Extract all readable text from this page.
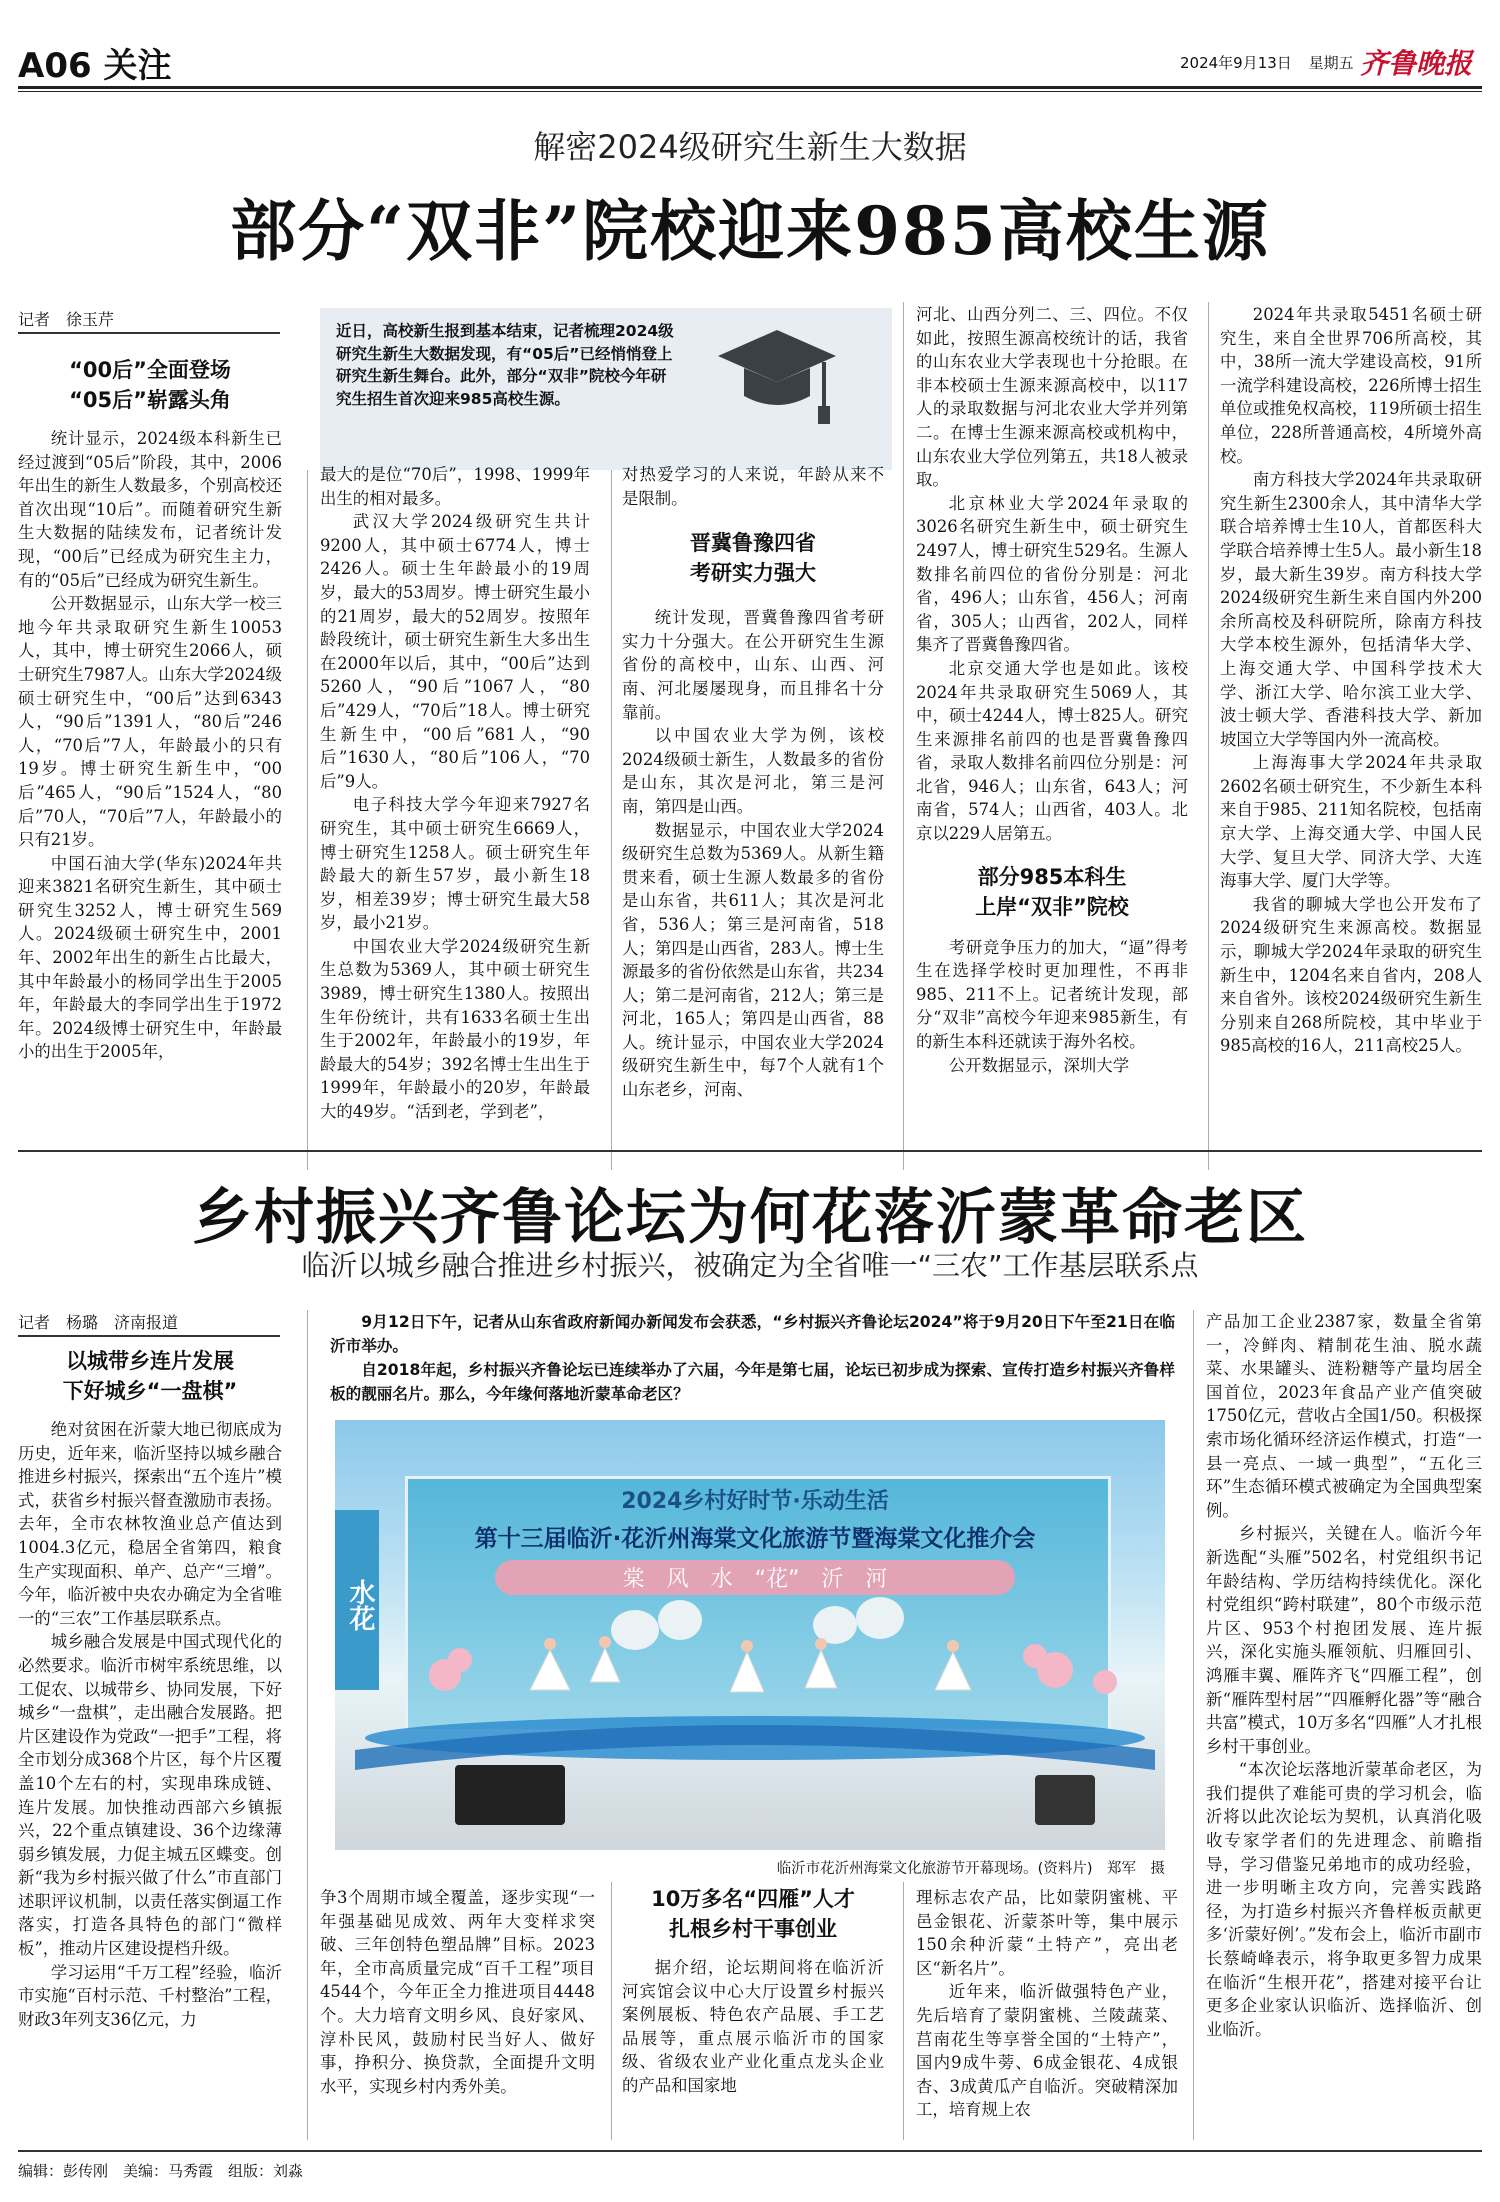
A06 关注	2024年9月13日 星期五 齐鲁晚报
解密2024级研究生新生大数据
部分“双非”院校迎来985高校生源
记者　徐玉芹
近日，高校新生报到基本结束，记者梳理2024级研究生新生大数据发现，有“05后”已经悄悄登上研究生新生舞台。此外，部分“双非”院校今年研究生招生首次迎来985高校生源。
“00后”全面登场
“05后”崭露头角

统计显示，2024级本科新生已经过渡到“05后”阶段，其中，2006年出生的新生人数最多，个别高校还首次出现“10后”。而随着研究生新生大数据的陆续发布，记者统计发现，“00后”已经成为研究生主力，有的“05后”已经成为研究生新生。

公开数据显示，山东大学一校三地今年共录取研究生新生10053人，其中，博士研究生2066人，硕士研究生7987人。山东大学2024级硕士研究生中，“00后”达到6343人，“90后”1391人，“80后”246人，“70后”7人，年龄最小的只有19岁。博士研究生新生中，“00后”465人，“90后”1524人，“80后”70人，“70后”7人，年龄最小的只有21岁。

中国石油大学(华东)2024年共迎来3821名研究生新生，其中硕士研究生3252人，博士研究生569人。2024级硕士研究生中，2001年、2002年出生的新生占比最大，其中年龄最小的杨同学出生于2005年，年龄最大的李同学出生于1972年。2024级博士研究生中，年龄最小的出生于2005年，

最大的是位“70后”，1998、1999年出生的相对最多。

武汉大学2024级研究生共计9200人，其中硕士6774人，博士2426人。硕士生年龄最小的19周岁，最大的53周岁。博士研究生最小的21周岁，最大的52周岁。按照年龄段统计，硕士研究生新生大多出生在2000年以后，其中，“00后”达到5260人，“90后”1067人，“80后”429人，“70后”18人。博士研究生新生中，“00后”681人，“90后”1630人，“80后”106人，“70后”9人。

电子科技大学今年迎来7927名研究生，其中硕士研究生6669人，博士研究生1258人。硕士研究生年龄最大的新生57岁，最小新生18岁，相差39岁；博士研究生最大58岁，最小21岁。

中国农业大学2024级研究生新生总数为5369人，其中硕士研究生3989，博士研究生1380人。按照出生年份统计，共有1633名硕士生出生于2002年，年龄最小的19岁，年龄最大的54岁；392名博士生出生于1999年，年龄最小的20岁，年龄最大的49岁。“活到老，学到老”，

对热爱学习的人来说，年龄从来不是限制。

晋冀鲁豫四省
考研实力强大

统计发现，晋冀鲁豫四省考研实力十分强大。在公开研究生生源省份的高校中，山东、山西、河南、河北屡屡现身，而且排名十分靠前。

以中国农业大学为例，该校2024级硕士新生，人数最多的省份是山东，其次是河北，第三是河南，第四是山西。

数据显示，中国农业大学2024级研究生总数为5369人。从新生籍贯来看，硕士生源人数最多的省份是山东省，共611人；其次是河北省，536人；第三是河南省，518人；第四是山西省，283人。博士生源最多的省份依然是山东省，共234人；第二是河南省，212人；第三是河北，165人；第四是山西省，88人。统计显示，中国农业大学2024级研究生新生中，每7个人就有1个山东老乡，河南、

河北、山西分列二、三、四位。不仅如此，按照生源高校统计的话，我省的山东农业大学表现也十分抢眼。在非本校硕士生源来源高校中，以117人的录取数据与河北农业大学并列第二。在博士生源来源高校或机构中，山东农业大学位列第五，共18人被录取。

北京林业大学2024年录取的3026名研究生新生中，硕士研究生2497人，博士研究生529名。生源人数排名前四位的省份分别是：河北省，496人；山东省，456人；河南省，305人；山西省，202人，同样集齐了晋冀鲁豫四省。

北京交通大学也是如此。该校2024年共录取研究生5069人，其中，硕士4244人，博士825人。研究生来源排名前四的也是晋冀鲁豫四省，录取人数排名前四位分别是：河北省，946人；山东省，643人；河南省，574人；山西省，403人。北京以229人居第五。

部分985本科生
上岸“双非”院校

考研竞争压力的加大，“逼”得考生在选择学校时更加理性，不再非985、211不上。记者统计发现，部分“双非”高校今年迎来985新生，有的新生本科还就读于海外名校。

公开数据显示，深圳大学

2024年共录取5451名硕士研究生，来自全世界706所高校，其中，38所一流大学建设高校，91所一流学科建设高校，226所博士招生单位或推免权高校，119所硕士招生单位，228所普通高校，4所境外高校。

南方科技大学2024年共录取研究生新生2300余人，其中清华大学联合培养博士生10人，首都医科大学联合培养博士生5人。最小新生18岁，最大新生39岁。南方科技大学2024级研究生新生来自国内外200余所高校及科研院所，除南方科技大学本校生源外，包括清华大学、上海交通大学、中国科学技术大学、浙江大学、哈尔滨工业大学、波士顿大学、香港科技大学、新加坡国立大学等国内外一流高校。

上海海事大学2024年共录取2602名硕士研究生，不少新生本科来自于985、211知名院校，包括南京大学、上海交通大学、中国人民大学、复旦大学、同济大学、大连海事大学、厦门大学等。

我省的聊城大学也公开发布了2024级研究生来源高校。数据显示，聊城大学2024年录取的研究生新生中，1204名来自省内，208人来自省外。该校2024级研究生新生分别来自268所院校，其中毕业于985高校的16人，211高校25人。

乡村振兴齐鲁论坛为何花落沂蒙革命老区
临沂以城乡融合推进乡村振兴，被确定为全省唯一“三农”工作基层联系点
记者　杨璐　济南报道	9月12日下午，记者从山东省政府新闻办新闻发布会获悉，“乡村振兴齐鲁论坛2024”将于9月20日下午至21日在临沂市举办。

自2018年起，乡村振兴齐鲁论坛已连续举办了六届，今年是第七届，论坛已初步成为探索、宣传打造乡村振兴齐鲁样板的靓丽名片。那么，今年缘何落地沂蒙革命老区？

2024乡村好时节·乐动生活
第十三届临沂·花沂州海棠文化旅游节暨海棠文化推介会
棠　风　水　“花”　沂　河
水花
临沂市花沂州海棠文化旅游节开幕现场。(资料片)　郑军　摄
以城带乡连片发展
下好城乡“一盘棋”

绝对贫困在沂蒙大地已彻底成为历史，近年来，临沂坚持以城乡融合推进乡村振兴，探索出“五个连片”模式，获省乡村振兴督查激励市表扬。去年，全市农林牧渔业总产值达到1004.3亿元，稳居全省第四，粮食生产实现面积、单产、总产“三增”。今年，临沂被中央农办确定为全省唯一的“三农”工作基层联系点。

城乡融合发展是中国式现代化的必然要求。临沂市树牢系统思维，以工促农、以城带乡、协同发展，下好城乡“一盘棋”，走出融合发展路。把片区建设作为党政“一把手”工程，将全市划分成368个片区，每个片区覆盖10个左右的村，实现串珠成链、连片发展。加快推动西部六乡镇振兴，22个重点镇建设、36个边缘薄弱乡镇发展，力促主城五区蝶变。创新“我为乡村振兴做了什么”市直部门述职评议机制，以责任落实倒逼工作落实，打造各具特色的部门“微样板”，推动片区建设提档升级。

学习运用“千万工程”经验，临沂市实施“百村示范、千村整治”工程，财政3年列支36亿元，力

争3个周期市域全覆盖，逐步实现“一年强基础见成效、两年大变样求突破、三年创特色塑品牌”目标。2023年，全市高质量完成“百千工程”项目4544个，今年正全力推进项目4448个。大力培育文明乡风、良好家风、淳朴民风，鼓励村民当好人、做好事，挣积分、换贷款，全面提升文明水平，实现乡村内秀外美。

10万多名“四雁”人才
扎根乡村干事创业

据介绍，论坛期间将在临沂沂河宾馆会议中心大厅设置乡村振兴案例展板、特色农产品展、手工艺品展等，重点展示临沂市的国家级、省级农业产业化重点龙头企业的产品和国家地

理标志农产品，比如蒙阴蜜桃、平邑金银花、沂蒙茶叶等，集中展示150余种沂蒙“土特产”，亮出老区“新名片”。

近年来，临沂做强特色产业，先后培育了蒙阴蜜桃、兰陵蔬菜、莒南花生等享誉全国的“土特产”，国内9成牛蒡、6成金银花、4成银杏、3成黄瓜产自临沂。突破精深加工，培育规上农

产品加工企业2387家，数量全省第一，冷鲜肉、精制花生油、脱水蔬菜、水果罐头、涟粉糖等产量均居全国首位，2023年食品产业产值突破1750亿元，营收占全国1/50。积极探索市场化循环经济运作模式，打造“一县一亮点、一域一典型”，“五化三环”生态循环模式被确定为全国典型案例。

乡村振兴，关键在人。临沂今年新选配“头雁”502名，村党组织书记年龄结构、学历结构持续优化。深化村党组织“跨村联建”，80个市级示范片区、953个村抱团发展、连片振兴，深化实施头雁领航、归雁回引、鸿雁丰翼、雁阵齐飞“四雁工程”，创新“雁阵型村居”“四雁孵化器”等“融合共富”模式，10万多名“四雁”人才扎根乡村干事创业。

“本次论坛落地沂蒙革命老区，为我们提供了难能可贵的学习机会，临沂将以此次论坛为契机，认真消化吸收专家学者们的先进理念、前瞻指导，学习借鉴兄弟地市的成功经验，进一步明晰主攻方向，完善实践路径，为打造乡村振兴齐鲁样板贡献更多‘沂蒙好例’。”发布会上，临沂市副市长蔡崎峰表示，将争取更多智力成果在临沂“生根开花”，搭建对接平台让更多企业家认识临沂、选择临沂、创业临沂。

编辑：彭传刚　美编：马秀霞　组版：刘淼
